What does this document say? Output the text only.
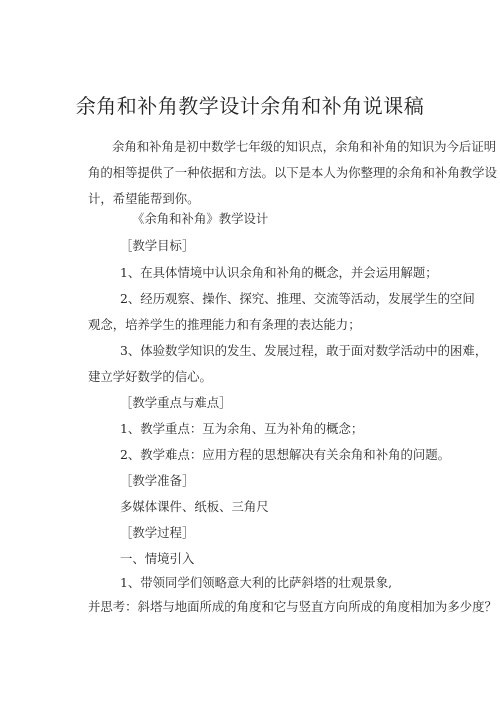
余角和补角教学设计余角和补角说课稿
余角和补角是初中数学七年级的知识点，余角和补角的知识为今后证明
角的相等提供了一种依据和方法。以下是本人为你整理的余角和补角教学设
计，希望能帮到你。
《余角和补角》教学设计
［教学目标］
1、在具体情境中认识余角和补角的概念，并会运用解题；
2、经历观察、操作、探究、推理、交流等活动，发展学生的空间
观念，培养学生的推理能力和有条理的表达能力；
3、体验数学知识的发生、发展过程，敢于面对数学活动中的困难，
建立学好数学的信心。
［教学重点与难点］
1、教学重点：互为余角、互为补角的概念；
2、教学难点：应用方程的思想解决有关余角和补角的问题。
［教学准备］
多媒体课件、纸板、三角尺
［教学过程］
一、情境引入
1、带领同学们领略意大利的比萨斜塔的壮观景象,
并思考：斜塔与地面所成的角度和它与竖直方向所成的角度相加为多少度？
